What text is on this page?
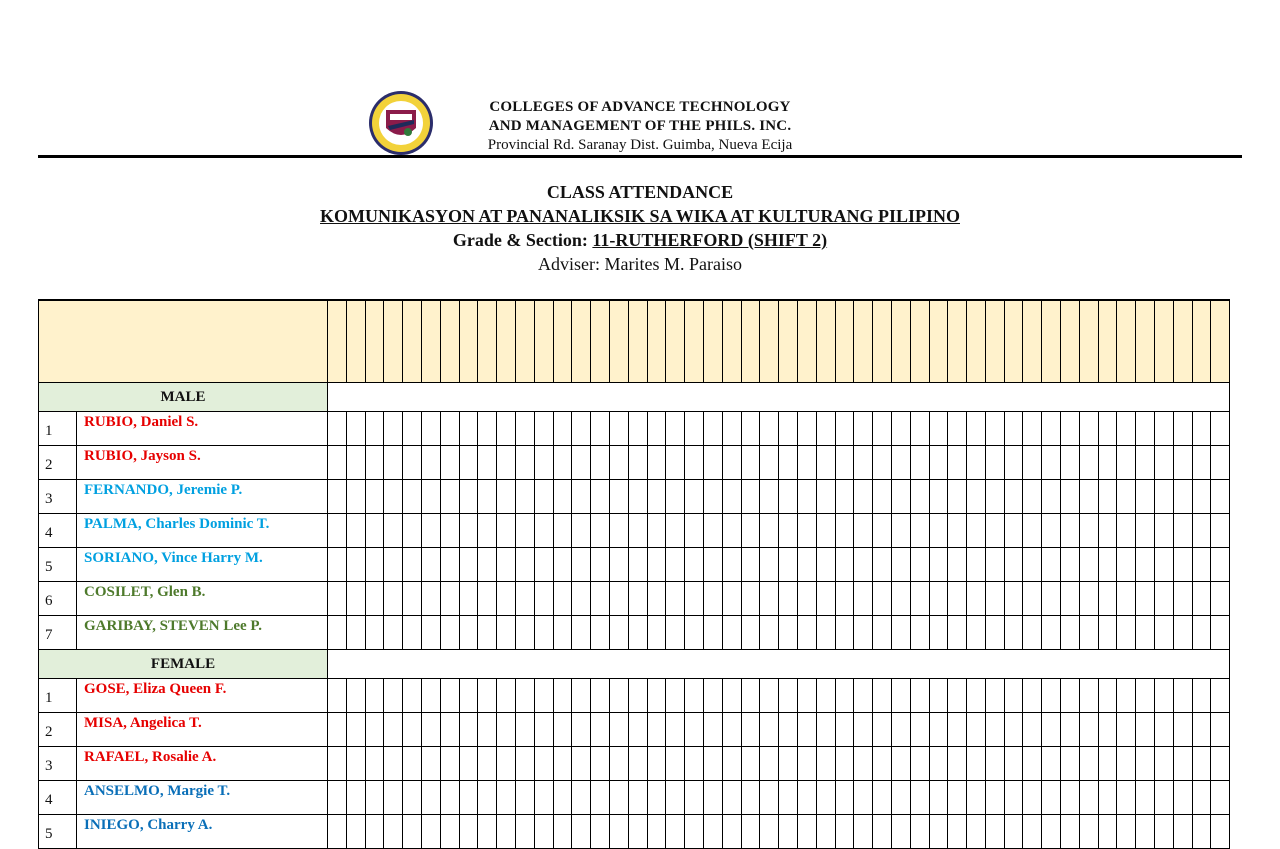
COLLEGES OF ADVANCE TECHNOLOGY
AND MANAGEMENT OF THE PHILS. INC.
Provincial Rd. Saranay Dist. Guimba, Nueva Ecija
CLASS ATTENDANCE
KOMUNIKASYON AT PANANALIKSIK SA WIKA AT KULTURANG PILIPINO
Grade & Section: 11-RUTHERFORD (SHIFT 2)
Adviser: Marites M. Paraiso

MALE																																																	
1	RUBIO, Daniel S.																																																
2	RUBIO, Jayson S.																																																
3	FERNANDO, Jeremie P.																																																
4	PALMA, Charles Dominic T.																																																
5	SORIANO, Vince Harry M.																																																
6	COSILET, Glen B.																																																
7	GARIBAY, STEVEN Lee P.																																																
FEMALE																																																	
1	GOSE, Eliza Queen F.																																																
2	MISA, Angelica T.																																																
3	RAFAEL, Rosalie A.																																																
4	ANSELMO, Margie T.																																																
5	INIEGO, Charry A.																																																
